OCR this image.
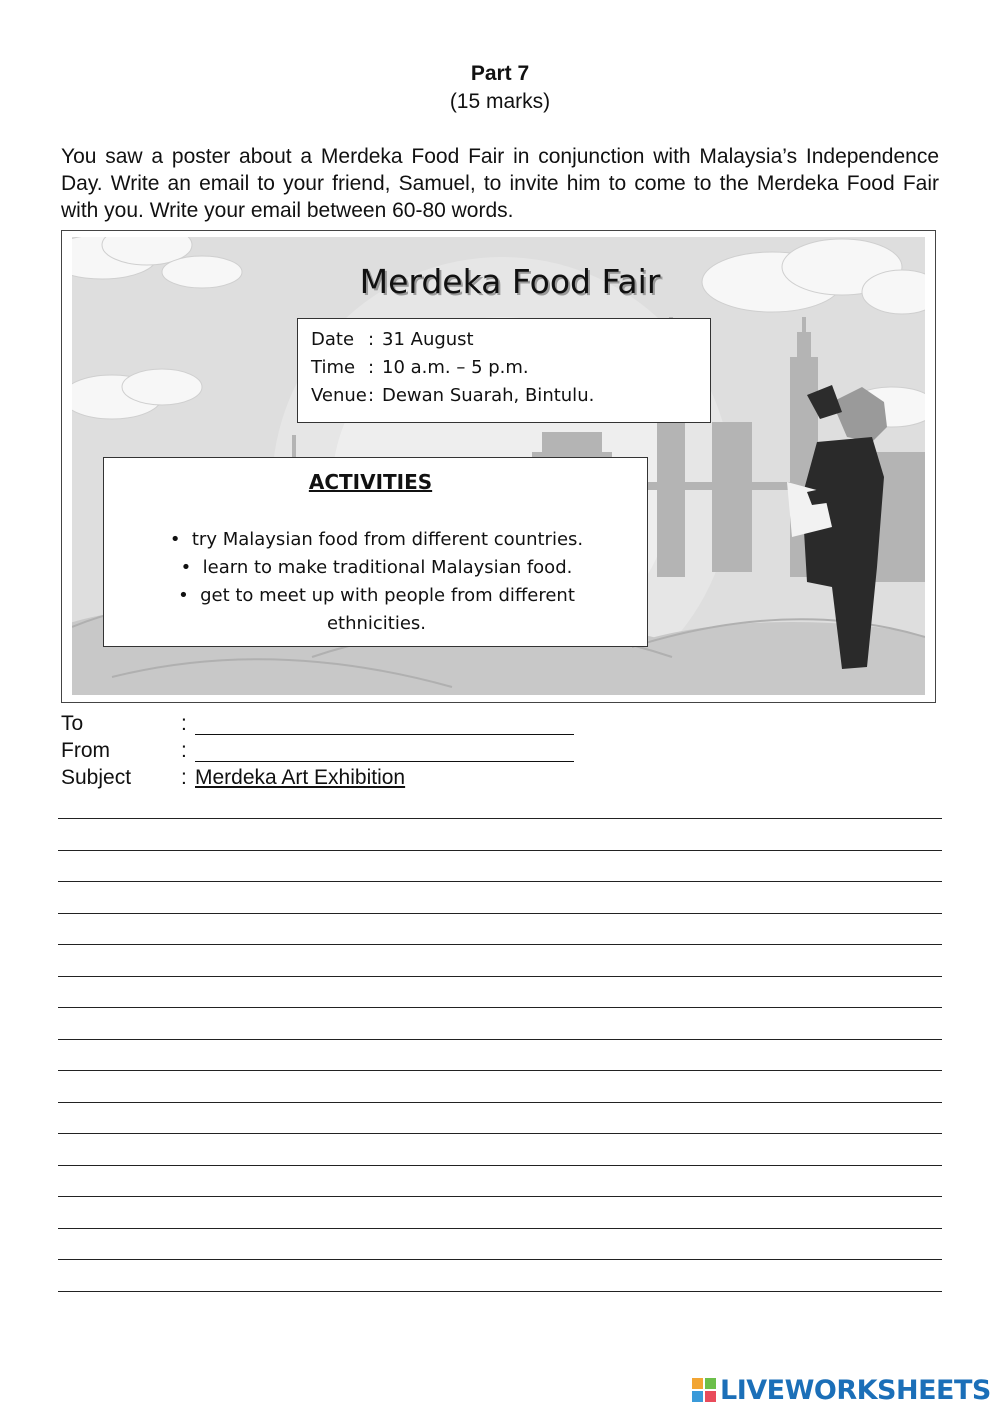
Part 7
(15 marks)
You saw a poster about a Merdeka Food Fair in conjunction with Malaysia’s Independence Day. Write an email to your friend, Samuel, to invite him to come to the Merdeka Food Fair with you. Write your email between 60-80 words.
Merdeka Food Fair
Date : 31 August
Time : 10 a.m. – 5 p.m.
Venue: Dewan Suarah, Bintulu.
ACTIVITIES
• try Malaysian food from different countries.
• learn to make traditional Malaysian food.
• get to meet up with people from different ethnicities.
To	:
From	:
Subject : Merdeka Art Exhibition
LIVEWORKSHEETS
